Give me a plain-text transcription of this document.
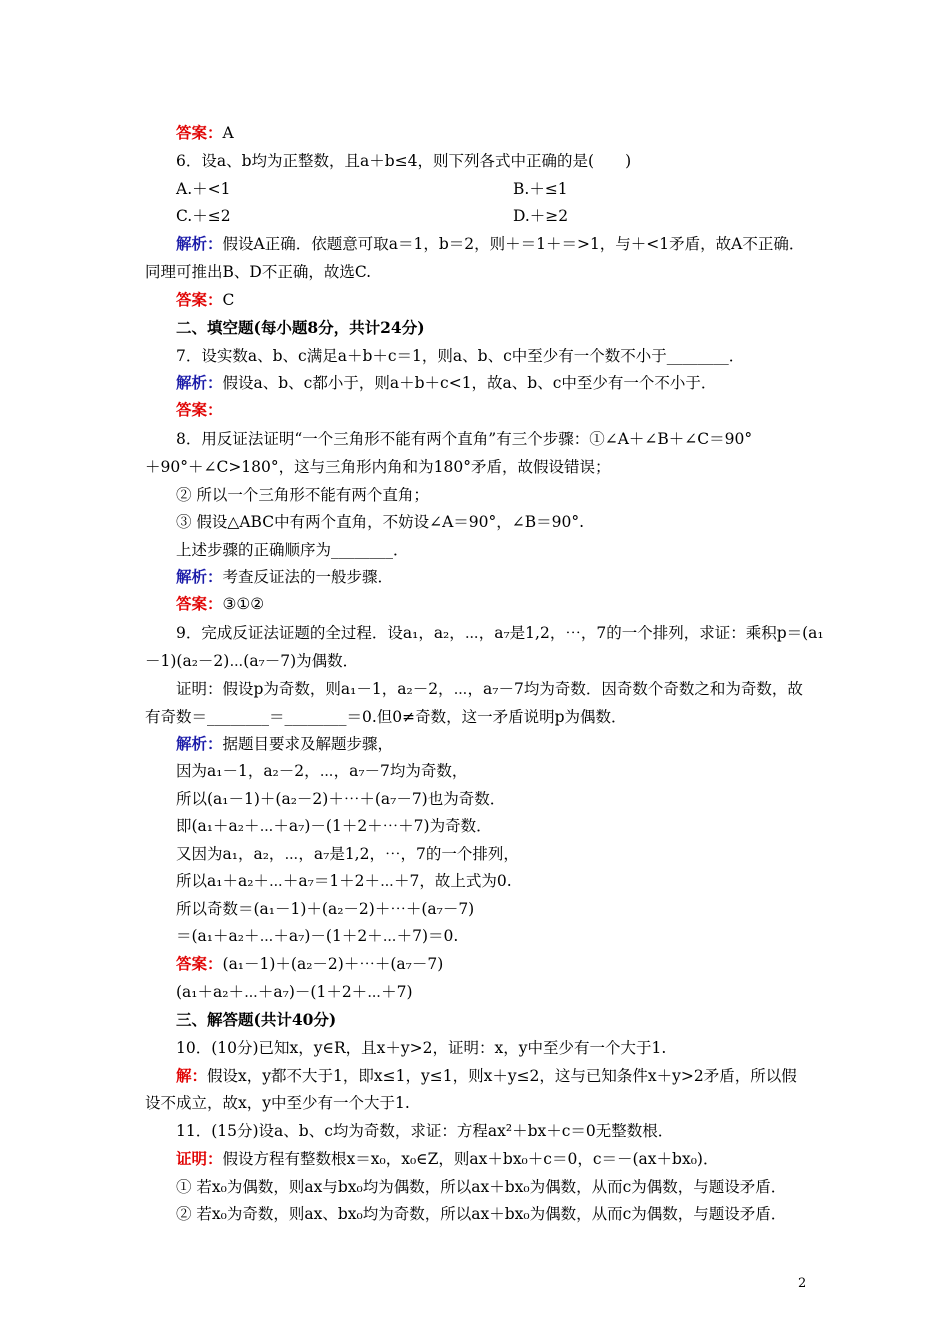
答案：A
6．设a、b均为正整数，且a＋b≤4，则下列各式中正确的是(　　)
A.＋<1	B.＋≤1
C.＋≤2	D.＋≥2
解析：假设A正确．依题意可取a＝1，b＝2，则＋＝1＋＝>1，与＋<1矛盾，故A不正确．
同理可推出B、D不正确，故选C.
答案：C
二、填空题(每小题8分，共计24分)
7．设实数a、b、c满足a＋b＋c＝1，则a、b、c中至少有一个数不小于________．
解析：假设a、b、c都小于，则a＋b＋c<1，故a、b、c中至少有一个不小于．
答案：
8．用反证法证明“一个三角形不能有两个直角”有三个步骤：①∠A＋∠B＋∠C＝90°
＋90°＋∠C>180°，这与三角形内角和为180°矛盾，故假设错误；
② 所以一个三角形不能有两个直角；
③ 假设△ABC中有两个直角，不妨设∠A＝90°，∠B＝90°.
上述步骤的正确顺序为________．
解析：考查反证法的一般步骤．
答案：③①②
9．完成反证法证题的全过程．设a₁，a₂，⋯，a₇是1,2，⋯，7的一个排列，求证：乘积p＝(a₁
－1)(a₂－2)⋯(a₇－7)为偶数．
证明：假设p为奇数，则a₁－1，a₂－2，⋯，a₇－7均为奇数．因奇数个奇数之和为奇数，故
有奇数＝________＝________＝0.但0≠奇数，这一矛盾说明p为偶数．
解析：据题目要求及解题步骤，
因为a₁－1，a₂－2，⋯，a₇－7均为奇数，
所以(a₁－1)＋(a₂－2)＋⋯＋(a₇－7)也为奇数．
即(a₁＋a₂＋⋯＋a₇)－(1＋2＋⋯＋7)为奇数．
又因为a₁，a₂，⋯，a₇是1,2，⋯，7的一个排列，
所以a₁＋a₂＋⋯＋a₇＝1＋2＋⋯＋7，故上式为0.
所以奇数＝(a₁－1)＋(a₂－2)＋⋯＋(a₇－7)
＝(a₁＋a₂＋⋯＋a₇)－(1＋2＋⋯＋7)＝0.
答案：(a₁－1)＋(a₂－2)＋⋯＋(a₇－7)
(a₁＋a₂＋⋯＋a₇)－(1＋2＋⋯＋7)
三、解答题(共计40分)
10．(10分)已知x，y∈R，且x＋y>2，证明：x，y中至少有一个大于1.
解：假设x，y都不大于1，即x≤1，y≤1，则x＋y≤2，这与已知条件x＋y>2矛盾，所以假
设不成立，故x，y中至少有一个大于1.
11．(15分)设a、b、c均为奇数，求证：方程ax²＋bx＋c＝0无整数根．
证明：假设方程有整数根x＝x₀，x₀∈Z，则ax＋bx₀＋c＝0，c＝－(ax＋bx₀)．
① 若x₀为偶数，则ax与bx₀均为偶数，所以ax＋bx₀为偶数，从而c为偶数，与题设矛盾．
② 若x₀为奇数，则ax、bx₀均为奇数，所以ax＋bx₀为偶数，从而c为偶数，与题设矛盾．
2
